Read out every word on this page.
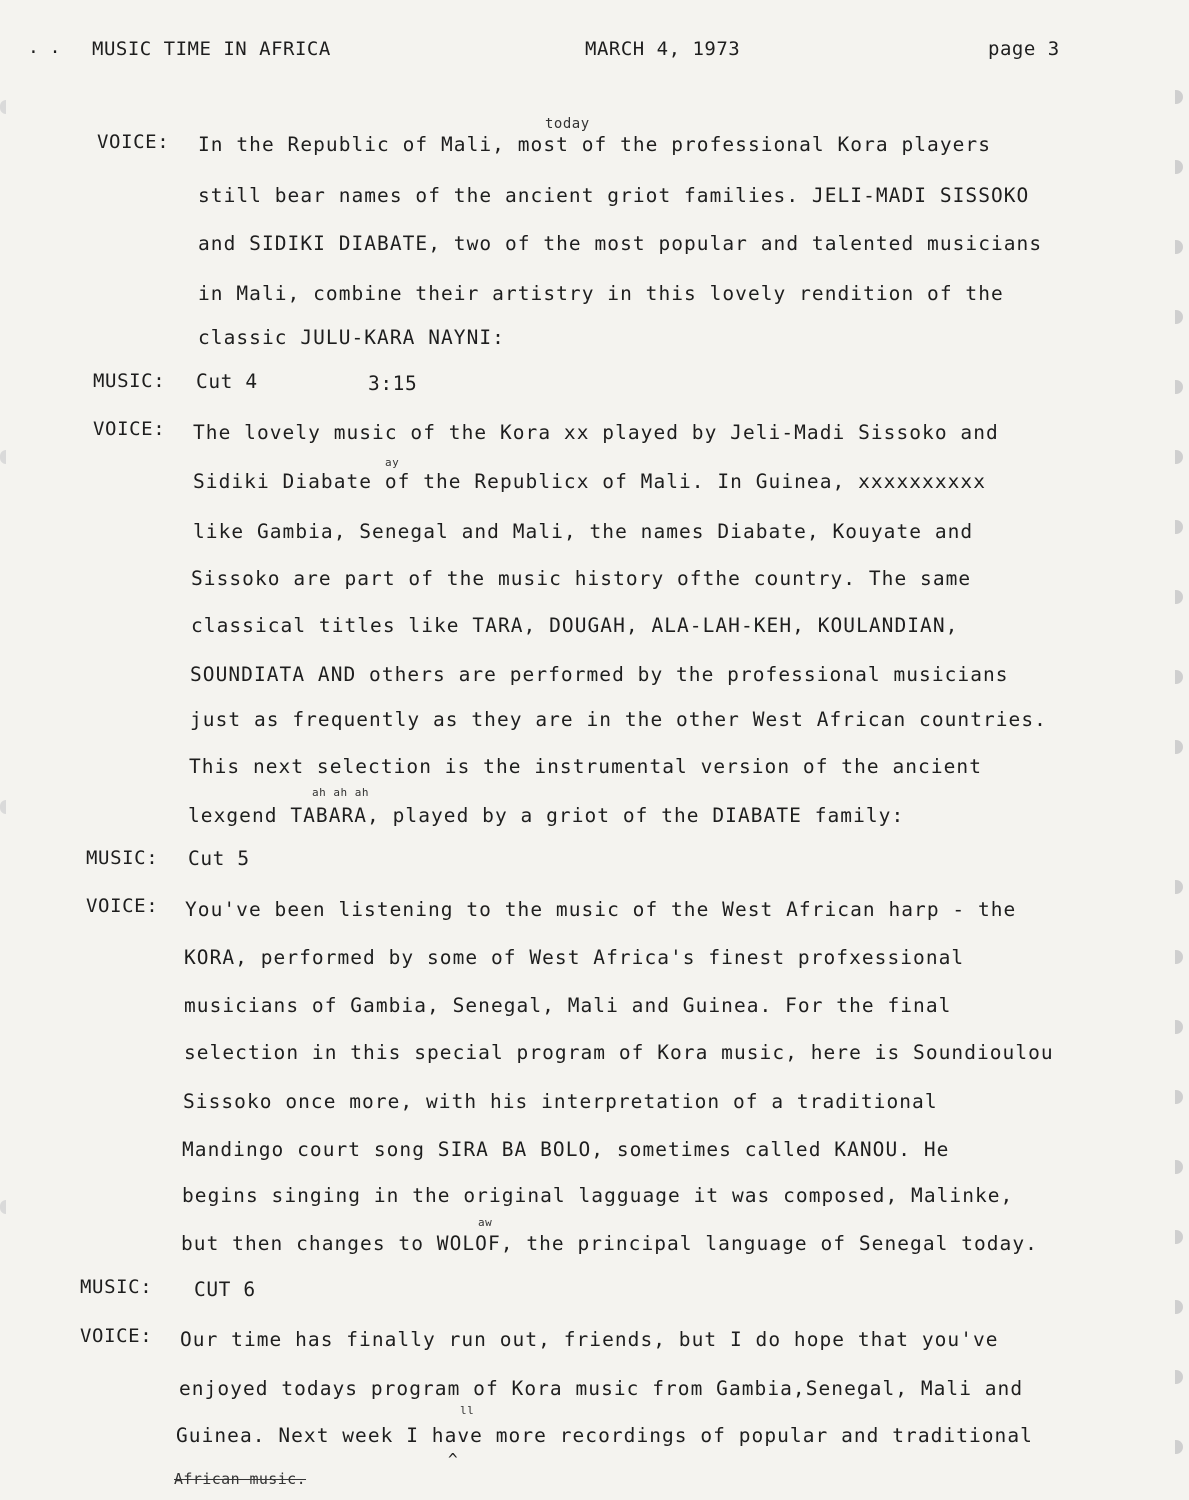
· · MUSIC TIME IN AFRICA	MARCH 4, 1973	page 3
today
VOICE: In the Republic of Mali, most of the professional Kora players
still bear names of the ancient griot families. JELI-MADI SISSOKO
and SIDIKI DIABATE, two of the most popular and talented musicians
in Mali, combine their artistry in this lovely rendition of the
classic JULU-KARA NAYNI:
MUSIC: Cut 4	3:15
VOICE: The lovely music of the Kora xx played by Jeli-Madi Sissoko and
ay
Sidiki Diabate of the Republicx of Mali. In Guinea, xxxxxxxxxx
like Gambia, Senegal and Mali, the names Diabate, Kouyate and
Sissoko are part of the music history ofthe country. The same
classical titles like TARA, DOUGAH, ALA-LAH-KEH, KOULANDIAN,
SOUNDIATA AND others are performed by the professional musicians
just as frequently as they are in the other West African countries.
This next selection is the instrumental version of the ancient
ah ah ah
lexgend TABARA, played by a griot of the DIABATE family:
MUSIC: Cut 5
VOICE: You've been listening to the music of the West African harp - the
KORA, performed by some of West Africa's finest profxessional
musicians of Gambia, Senegal, Mali and Guinea. For the final
selection in this special program of Kora music, here is Soundioulou
Sissoko once more, with his interpretation of a traditional
Mandingo court song SIRA BA BOLO, sometimes called KANOU. He
begins singing in the original lagguage it was composed, Malinke,
aw
but then changes to WOLOF, the principal language of Senegal today.
MUSIC: CUT 6
VOICE: Our time has finally run out, friends, but I do hope that you've
enjoyed todays program of Kora music from Gambia,Senegal, Mali and
ll
Guinea. Next week I have more recordings of popular and traditional
^
African music.
